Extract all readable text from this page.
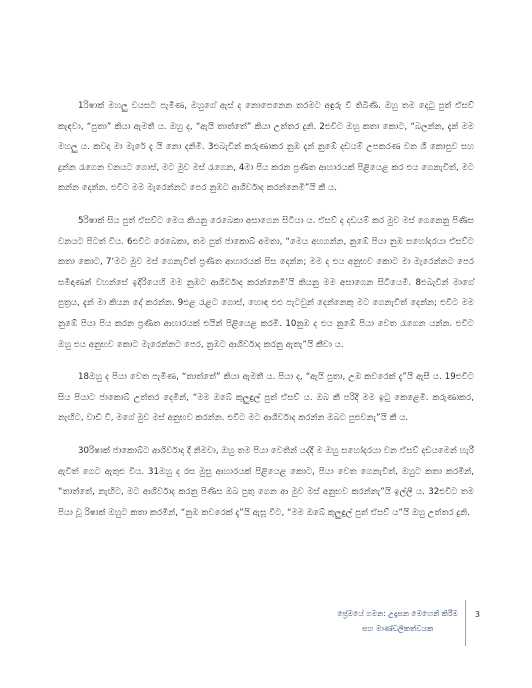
1රිෂාක් මහලු වයසට පැමිණ, ඔහුගේ ඇස් ද නොපෙනෙන තරමට අඳුරු වී තිබිණි. ඔහු තම දෙටු පුත් ඒසව් කැඳවා, “පුතා” කියා ඇමතී ය. ඔහු ද, “ඇයි තාත්තේ” කියා උත්තර දුනි. 2එවිට ඔහු කතා කොට, “බලන්න, දැන් මම මහලු ය. කවදා මා මැරේ දැ යි නො දනිමි. 3එබැවින් කරුණාකර නුඹ දැන් නුඹේ දඩයම් උපකරණ වන ශී කොපුව සහ දුන්න රැගෙන වනයට ගොස්, මට මුව මස් රැගෙන, 4මා පිය කරන ප්‍රණීත ආහාරයක් පිළියෙළ කර එය ගෙනැවිත්, මට කන්න දෙන්න. එවිට මම මැරෙන්නට පෙර නුඹට ආශිර්වාද කරන්නෙමි”යි කී ය.

5රිෂාක් සිය පුත් ඒසව්ට මෙය කියනු රෙබෙකා අසාගෙන සිටියා ය. ඒසව් ද දඩයම් කර මුව මස් ගෙනෙනු පිණිස වනයට පිටත් විය. 6එවිට රෙබෙකා, තම පුත් ජාකොබ් අමතා, “මෙය අහගන්න, නුඹේ පියා නුඹ සහෝදරයා ඒසව්ට කතා කොට, 7‘මට මුව මස් ගෙනැවිත් ප්‍රණීත ආහාරයක් පිස දෙන්න; මම ද එය අනුභව කොට මා මැරෙන්නට පෙර සමිඳාණන් වහන්සේ ඉදිරියෙහි මම නුඹට ආශිර්වාද කරන්නෙමි’යි කියනු මම අසාගෙන සිටියෙමි. 8එබැවින් මාගේ පුත්‍රය, දැන් මා කියන දේ කරන්න. 9එළ රැළට ගොස්, හොඳ එළු පැටවුන් දෙන්නෙකු මට ගෙනැවිත් දෙන්න; එවිට මම නුඹේ පියා පිය කරන ප්‍රණීත ආහාරයක් එයින් පිළියෙළ කරමි. 10නුඹ ද එය නුඹේ පියා වෙත රැගෙන යන්න. එවිට ඔහු එය අනුභව කොට මැරෙන්නට පෙර, නුඹට ආශිර්වාද කරනු ඇතැ”යි කීවා ය.

18ඔහු ද පියා වෙත පැමිණ, “තාත්තේ” කියා ඇමතී ය. පියා ද, “ඇයි පුතා, උඹ කවරෙක් දැ”යි ඇසී ය. 19එවිට සිය පියාට ජාකොබ් උත්තර දෙමින්, “මම ඔබේ කුලුඳුල් පුත් ඒසව් ය. ඔබ කී පරිදි මම ඉටු කෙළෙමි. කරුණාකර, නැඟිට, වාඩි වී, මගේ මුව මස් අනුභව කරන්න. එවිට මට ආශිර්වාද කරන්න ඔබට පුළුවනැ”යි කී ය.

30රිෂාක් ජාකොබ්ට ආශිර්වාද දී නිමවා, ඔහු තම පියා වෙතින් යද්දී ම ඔහු සහෝදරයා වන ඒසව් දඩයමෙන් හැරී ඇවිත් ගෙට ඇතුළු විය. 31ඔහු ද රස මුසු ආහාරයක් පිළියෙළ කොට, පියා වෙත ගෙනැවිත්, ඔහුට කතා කරමින්, “තාත්තේ, නැඟිට, මට ආශිර්වාද කරනු පිණිස ඔබ පුතු ගෙන ආ මුව මස් අනුභව කරන්නැ”යි ඉල්ලී ය. 32එවිට තම පියා වූ රිෂාක් ඔහුට කතා කරමින්, “නුඹ කවරෙක් දැ”යි ඇසූ විට, “මම ඔබේ කුලුඳුල් පුත් ඒසව් ය”යි ඔහු උත්තර දුනි.

ප්‍රේමයේ ගමන: උදෑසන මෙහෙනි කිරීම
සහ මාණ්ඩලිකත්වයක
3
